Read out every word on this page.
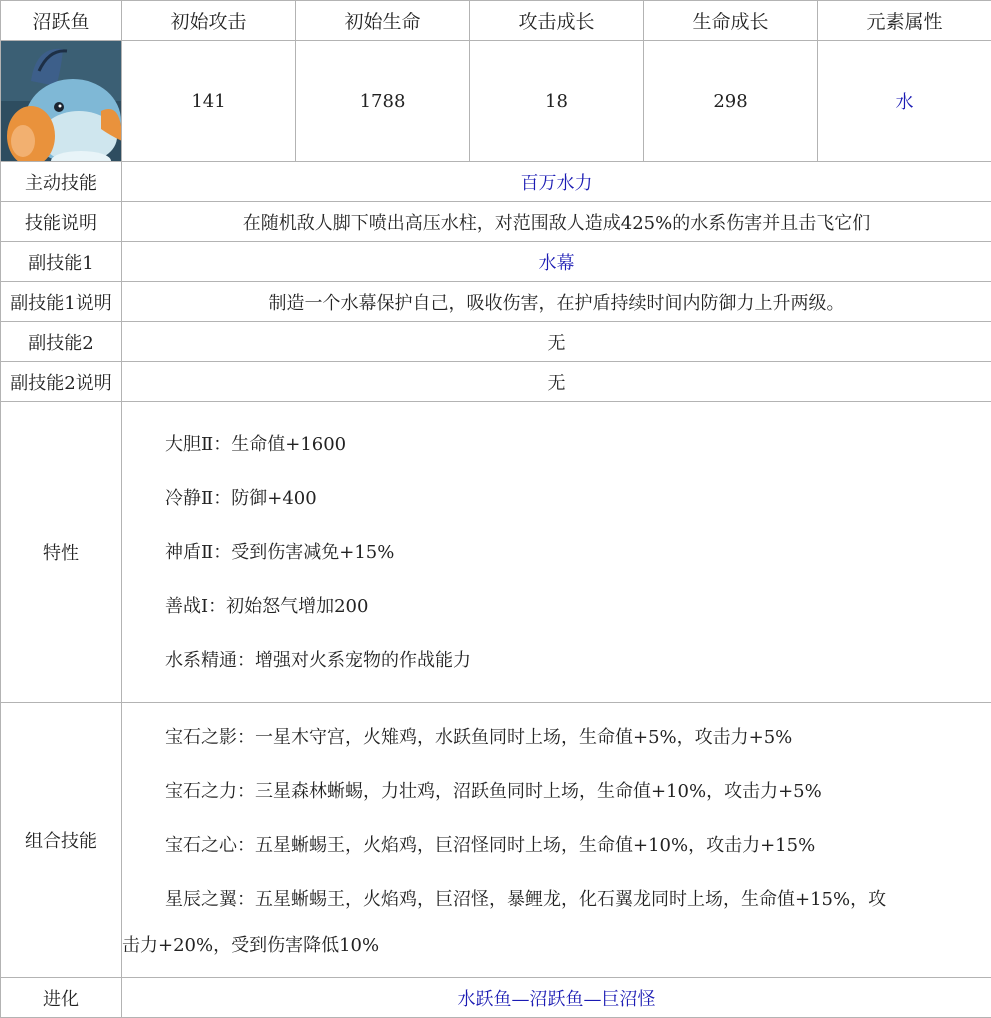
沼跃鱼	初始攻击	初始生命	攻击成长	生命成长	元素属性

	141	1788	18	298	水
主动技能	百万水力				
技能说明	在随机敌人脚下喷出高压水柱，对范围敌人造成425%的水系伤害并且击飞它们				
副技能1	水幕				
副技能1说明	制造一个水幕保护自己，吸收伤害，在护盾持续时间内防御力上升两级。				
副技能2	无				
副技能2说明	无				
特性	大胆Ⅱ：生命值+1600
冷静Ⅱ：防御+400
神盾Ⅱ：受到伤害减免+15%
善战I：初始怒气增加200
水系精通：增强对火系宠物的作战能力				

组合技能	宝石之影：一星木守宫，火雉鸡，水跃鱼同时上场，生命值+5%，攻击力+5%
宝石之力：三星森林蜥蜴，力壮鸡，沼跃鱼同时上场，生命值+10%，攻击力+5%
宝石之心：五星蜥蜴王，火焰鸡，巨沼怪同时上场，生命值+10%，攻击力+15%
星辰之翼：五星蜥蜴王，火焰鸡，巨沼怪，暴鲤龙，化石翼龙同时上场，生命值+15%，攻
击力+20%，受到伤害降低10%				

进化	水跃鱼—沼跃鱼—巨沼怪				
